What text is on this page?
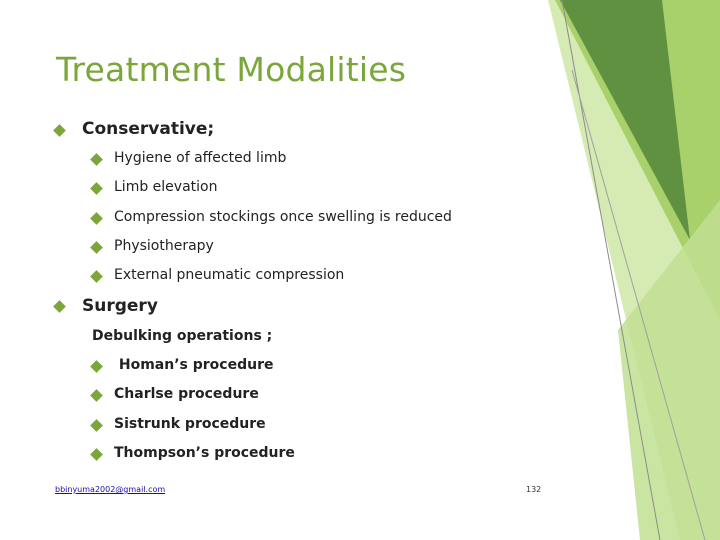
Treatment Modalities
Conservative;
Hygiene of affected limb
Limb elevation
Compression stockings once swelling is reduced
Physiotherapy
External pneumatic compression
Surgery
Debulking operations ;
Homan’s procedure
Charlse procedure
Sistrunk procedure
Thompson’s procedure
bbinyuma2002@gmail.com	132
